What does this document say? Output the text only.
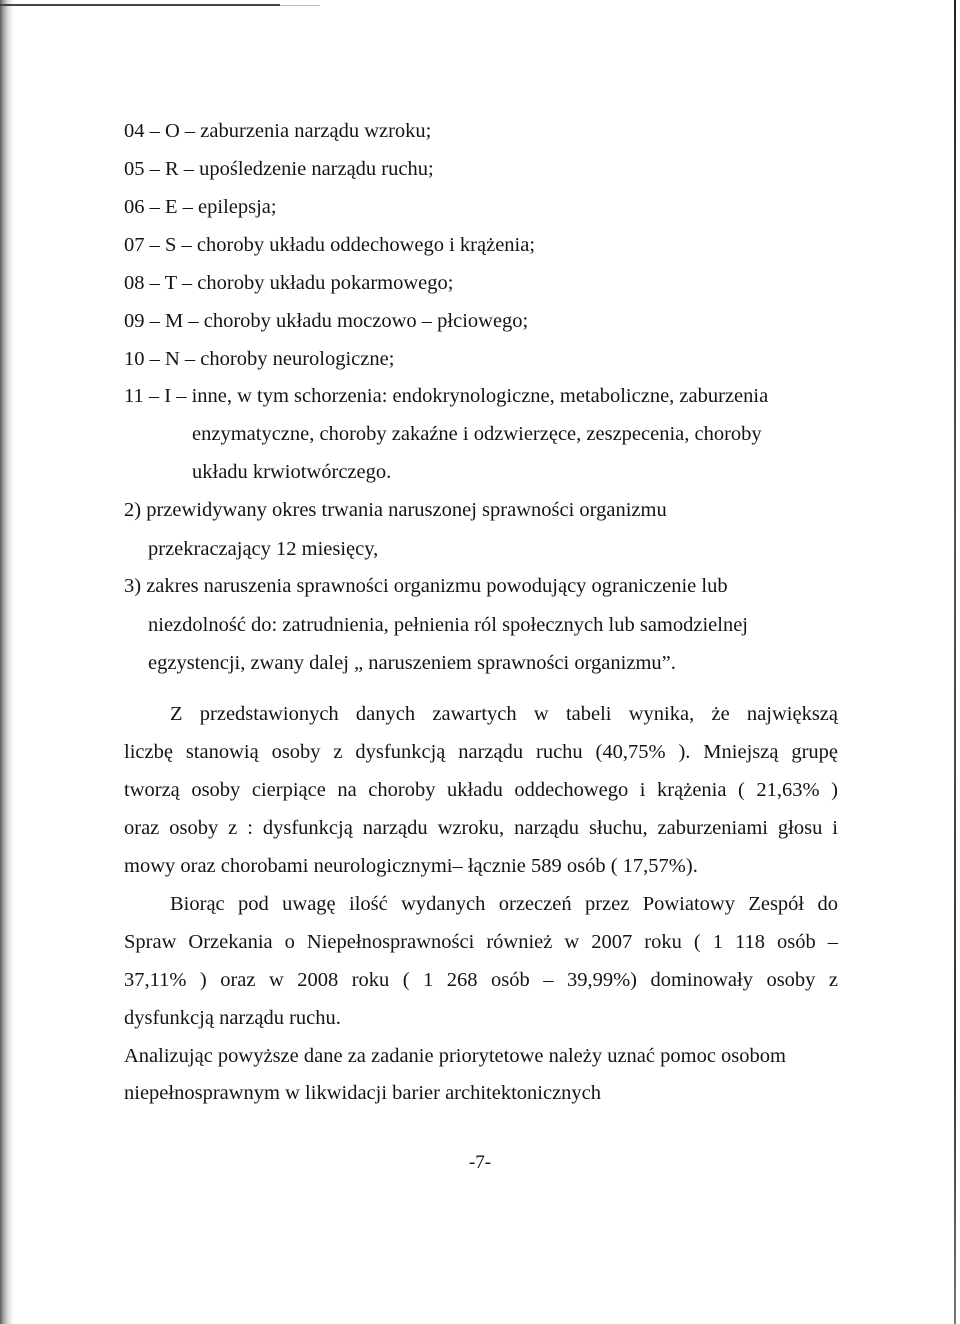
04 – O – zaburzenia narządu wzroku;
05 – R – upośledzenie narządu ruchu;
06 – E – epilepsja;
07 – S – choroby układu oddechowego i krążenia;
08 – T – choroby układu pokarmowego;
09 – M – choroby układu moczowo – płciowego;
10 – N – choroby neurologiczne;
11 – I – inne, w tym schorzenia: endokrynologiczne, metaboliczne, zaburzenia
enzymatyczne, choroby zakaźne i odzwierzęce, zeszpecenia, choroby
układu krwiotwórczego.
2) przewidywany okres trwania naruszonej sprawności organizmu
przekraczający 12 miesięcy,
3) zakres naruszenia sprawności organizmu powodujący ograniczenie lub
niezdolność do: zatrudnienia, pełnienia ról społecznych lub samodzielnej
egzystencji, zwany dalej „ naruszeniem sprawności organizmu”.
Z przedstawionych danych zawartych w tabeli wynika, że największą
liczbę stanowią osoby z dysfunkcją narządu ruchu (40,75% ). Mniejszą grupę
tworzą osoby cierpiące na choroby układu oddechowego i krążenia ( 21,63% )
oraz osoby z : dysfunkcją narządu wzroku, narządu słuchu, zaburzeniami głosu i
mowy oraz chorobami neurologicznymi– łącznie 589 osób ( 17,57%).
Biorąc pod uwagę ilość wydanych orzeczeń przez Powiatowy Zespół do
Spraw Orzekania o Niepełnosprawności również w 2007 roku ( 1 118 osób –
37,11% ) oraz w 2008 roku ( 1 268 osób – 39,99%) dominowały osoby z
dysfunkcją narządu ruchu.
Analizując powyższe dane za zadanie priorytetowe należy uznać pomoc osobom
niepełnosprawnym w likwidacji barier architektonicznych
-7-
